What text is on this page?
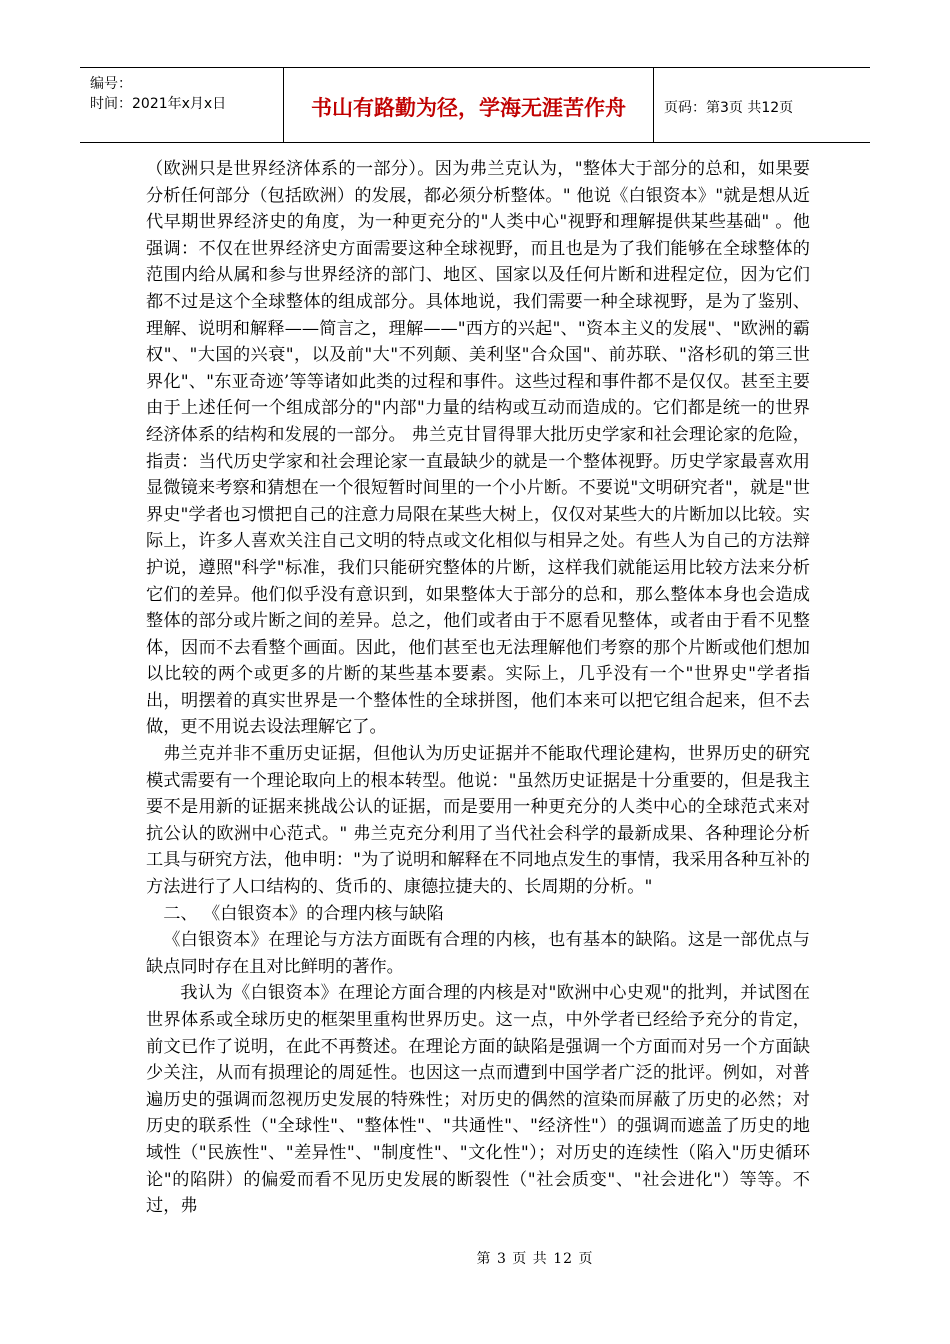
编号：
时间：2021年x月x日	书山有路勤为径，学海无涯苦作舟	页码：第3页 共12页

（欧洲只是世界经济体系的一部分）。因为弗兰克认为，"整体大于部分的总和，如果要分析任何部分（包括欧洲）的发展，都必须分析整体。" 他说《白银资本》"就是想从近代早期世界经济史的角度，为一种更充分的"人类中心"视野和理解提供某些基础" 。他强调：不仅在世界经济史方面需要这种全球视野，而且也是为了我们能够在全球整体的范围内给从属和参与世界经济的部门、地区、国家以及任何片断和进程定位，因为它们都不过是这个全球整体的组成部分。具体地说，我们需要一种全球视野，是为了鉴别、理解、说明和解释——简言之，理解——"西方的兴起"、"资本主义的发展"、"欧洲的霸权"、"大国的兴衰"，以及前"大"不列颠、美利坚"合众国"、前苏联、"洛杉矶的第三世界化"、"东亚奇迹’等等诸如此类的过程和事件。这些过程和事件都不是仅仅。甚至主要由于上述任何一个组成部分的"内部"力量的结构或互动而造成的。它们都是统一的世界经济体系的结构和发展的一部分。 弗兰克甘冒得罪大批历史学家和社会理论家的危险，指责：当代历史学家和社会理论家一直最缺少的就是一个整体视野。历史学家最喜欢用显微镜来考察和猜想在一个很短暂时间里的一个小片断。不要说"文明研究者"，就是"世界史"学者也习惯把自己的注意力局限在某些大树上，仅仅对某些大的片断加以比较。实际上，许多人喜欢关注自己文明的特点或文化相似与相异之处。有些人为自己的方法辩护说，遵照"科学"标准，我们只能研究整体的片断，这样我们就能运用比较方法来分析它们的差异。他们似乎没有意识到，如果整体大于部分的总和，那么整体本身也会造成整体的部分或片断之间的差异。总之，他们或者由于不愿看见整体，或者由于看不见整体，因而不去看整个画面。因此，他们甚至也无法理解他们考察的那个片断或他们想加以比较的两个或更多的片断的某些基本要素。实际上，几乎没有一个"世界史"学者指出，明摆着的真实世界是一个整体性的全球拼图，他们本来可以把它组合起来，但不去做，更不用说去设法理解它了。

弗兰克并非不重历史证据，但他认为历史证据并不能取代理论建构，世界历史的研究模式需要有一个理论取向上的根本转型。他说："虽然历史证据是十分重要的，但是我主要不是用新的证据来挑战公认的证据，而是要用一种更充分的人类中心的全球范式来对抗公认的欧洲中心范式。" 弗兰克充分利用了当代社会科学的最新成果、各种理论分析工具与研究方法，他申明："为了说明和解释在不同地点发生的事情，我采用各种互补的方法进行了人口结构的、货币的、康德拉捷夫的、长周期的分析。"

二、 《白银资本》的合理内核与缺陷

《白银资本》在理论与方法方面既有合理的内核，也有基本的缺陷。这是一部优点与缺点同时存在且对比鲜明的著作。

我认为《白银资本》在理论方面合理的内核是对"欧洲中心史观"的批判，并试图在世界体系或全球历史的框架里重构世界历史。这一点，中外学者已经给予充分的肯定，前文已作了说明，在此不再赘述。在理论方面的缺陷是强调一个方面而对另一个方面缺少关注，从而有损理论的周延性。也因这一点而遭到中国学者广泛的批评。例如，对普遍历史的强调而忽视历史发展的特殊性；对历史的偶然的渲染而屏蔽了历史的必然；对历史的联系性（"全球性"、"整体性"、"共通性"、"经济性"）的强调而遮盖了历史的地域性（"民族性"、"差异性"、"制度性"、"文化性"）；对历史的连续性（陷入"历史循环论"的陷阱）的偏爱而看不见历史发展的断裂性（"社会质变"、"社会进化"）等等。不过，弗

第 3 页 共 12 页
